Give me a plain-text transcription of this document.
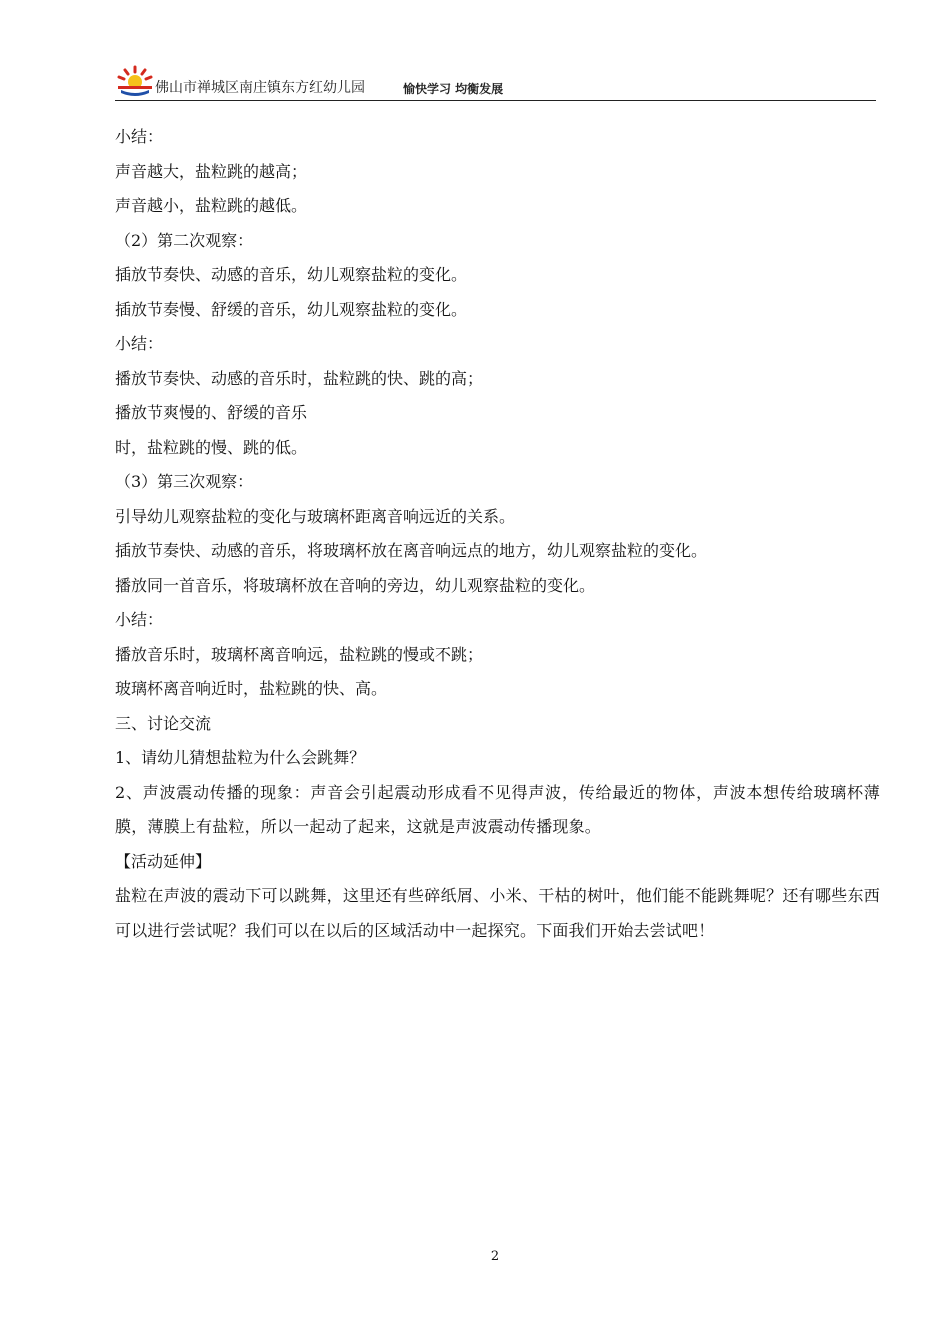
佛山市禅城区南庄镇东方红幼儿园	愉快学习 均衡发展
小结：
声音越大，盐粒跳的越高；
声音越小，盐粒跳的越低。
（2）第二次观察：
插放节奏快、动感的音乐，幼儿观察盐粒的变化。
插放节奏慢、舒缓的音乐，幼儿观察盐粒的变化。
小结：
播放节奏快、动感的音乐时，盐粒跳的快、跳的高；
播放节爽慢的、舒缓的音乐
时，盐粒跳的慢、跳的低。
（3）第三次观察：
引导幼儿观察盐粒的变化与玻璃杯距离音响远近的关系。
插放节奏快、动感的音乐，将玻璃杯放在离音响远点的地方，幼儿观察盐粒的变化。
播放同一首音乐，将玻璃杯放在音响的旁边，幼儿观察盐粒的变化。
小结：
播放音乐时，玻璃杯离音响远，盐粒跳的慢或不跳；
玻璃杯离音响近时，盐粒跳的快、高。
三、讨论交流
1、请幼儿猜想盐粒为什么会跳舞？
2、声波震动传播的现象：声音会引起震动形成看不见得声波，传给最近的物体，声波本想传给玻璃杯薄膜，薄膜上有盐粒，所以一起动了起来，这就是声波震动传播现象。
【活动延伸】
盐粒在声波的震动下可以跳舞，这里还有些碎纸屑、小米、干枯的树叶，他们能不能跳舞呢？还有哪些东西可以进行尝试呢？我们可以在以后的区域活动中一起探究。下面我们开始去尝试吧！
2
